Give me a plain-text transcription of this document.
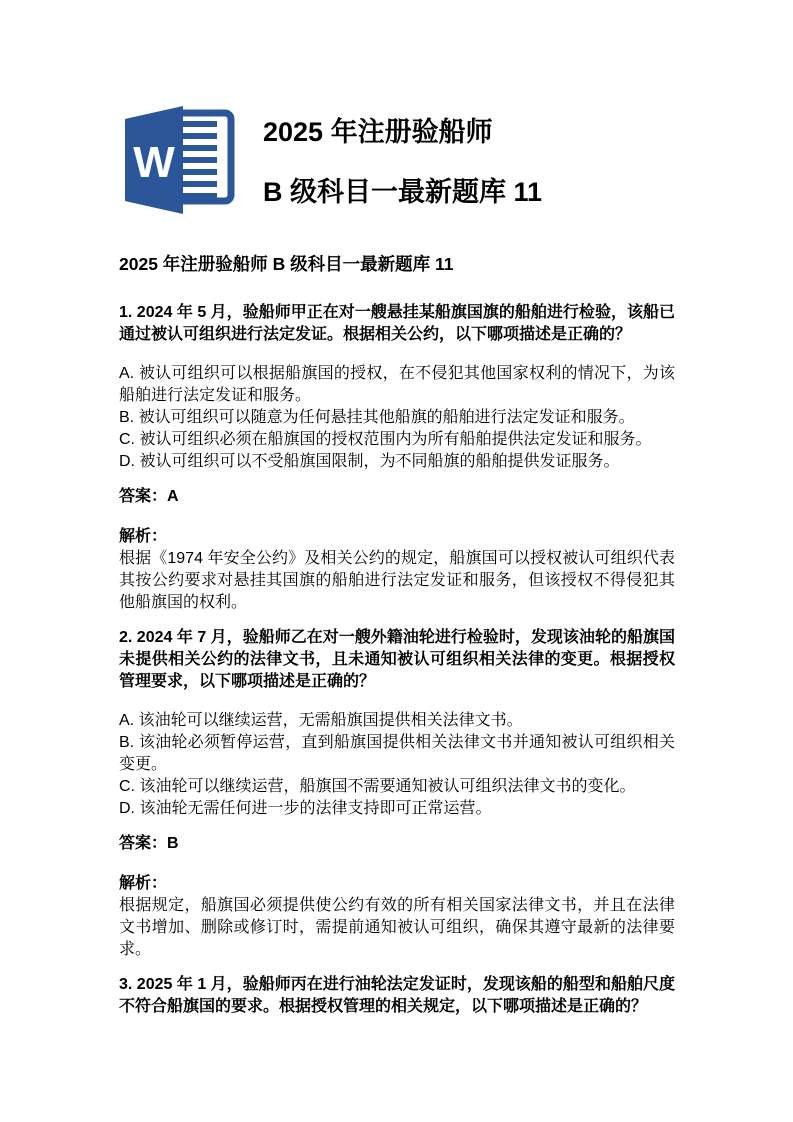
W
2025 年注册验船师
B 级科目一最新题库 11
2025 年注册验船师 B 级科目一最新题库 11

1. 2024 年 5 月，验船师甲正在对一艘悬挂某船旗国旗的船舶进行检验，该船已通过被认可组织进行法定发证。根据相关公约，以下哪项描述是正确的？

A. 被认可组织可以根据船旗国的授权，在不侵犯其他国家权利的情况下，为该船舶进行法定发证和服务。

B. 被认可组织可以随意为任何悬挂其他船旗的船舶进行法定发证和服务。

C. 被认可组织必须在船旗国的授权范围内为所有船舶提供法定发证和服务。

D. 被认可组织可以不受船旗国限制，为不同船旗的船舶提供发证服务。

答案：A

解析：

根据《1974 年安全公约》及相关公约的规定，船旗国可以授权被认可组织代表其按公约要求对悬挂其国旗的船舶进行法定发证和服务，但该授权不得侵犯其他船旗国的权利。

2. 2024 年 7 月，验船师乙在对一艘外籍油轮进行检验时，发现该油轮的船旗国未提供相关公约的法律文书，且未通知被认可组织相关法律的变更。根据授权管理要求，以下哪项描述是正确的？

A. 该油轮可以继续运营，无需船旗国提供相关法律文书。

B. 该油轮必须暂停运营，直到船旗国提供相关法律文书并通知被认可组织相关变更。

C. 该油轮可以继续运营，船旗国不需要通知被认可组织法律文书的变化。

D. 该油轮无需任何进一步的法律支持即可正常运营。

答案：B

解析：

根据规定，船旗国必须提供使公约有效的所有相关国家法律文书，并且在法律文书增加、删除或修订时，需提前通知被认可组织，确保其遵守最新的法律要求。

3. 2025 年 1 月，验船师丙在进行油轮法定发证时，发现该船的船型和船舶尺度不符合船旗国的要求。根据授权管理的相关规定，以下哪项描述是正确的？
